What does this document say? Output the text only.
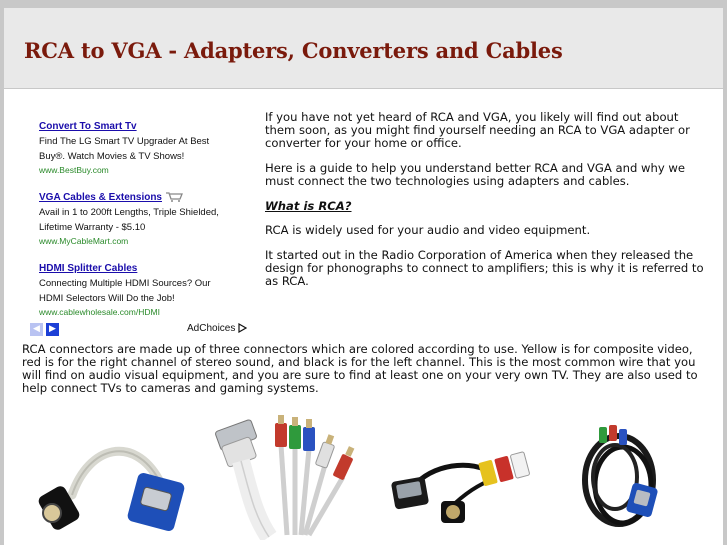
RCA to VGA - Adapters, Converters and Cables
Convert To Smart Tv
Find The LG Smart TV Upgrader At Best
Buy®. Watch Movies & TV Shows!
www.BestBuy.com
VGA Cables & Extensions
Avail in 1 to 200ft Lengths, Triple Shielded,
Lifetime Warranty - $5.10
www.MyCableMart.com
HDMI Splitter Cables
Connecting Multiple HDMI Sources? Our
HDMI Selectors Will Do the Job!
www.cablewholesale.com/HDMI
◀	▶	AdChoices

If you have not yet heard of RCA and VGA, you likely will find out about them soon, as you might find yourself needing an RCA to VGA adapter or converter for your home or office.

Here is a guide to help you understand better RCA and VGA and why we must connect the two technologies using adapters and cables.

What is RCA?

RCA is widely used for your audio and video equipment.

It started out in the Radio Corporation of America when they released the design for phonographs to connect to amplifiers; this is why it is referred to as RCA.

RCA connectors are made up of three connectors which are colored according to use. Yellow is for composite video, red is for the right channel of stereo sound, and black is for the left channel. This is the most common wire that you will find on audio visual equipment, and you are sure to find at least one on your very own TV. They are also used to help connect TVs to cameras and gaming systems.
